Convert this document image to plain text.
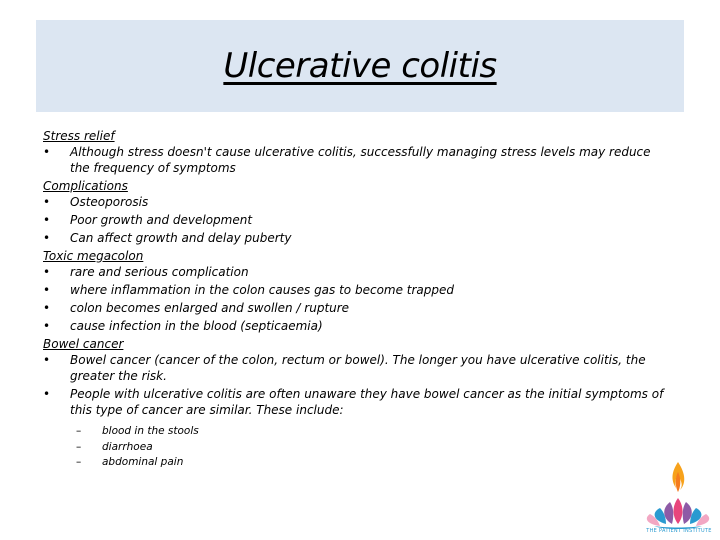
Ulcerative colitis

Stress relief

• Although stress doesn't cause ulcerative colitis, successfully managing stress levels may reduce the frequency of symptoms

Complications

• Osteoporosis
• Poor growth and development
• Can affect growth and delay puberty

Toxic megacolon

• rare and serious complication
• where inflammation in the colon causes gas to become trapped
• colon becomes enlarged and swollen / rupture
• cause infection in the blood (septicaemia)

Bowel cancer

• Bowel cancer (cancer of the colon, rectum or bowel). The longer you have ulcerative colitis, the greater the risk.
• People with ulcerative colitis are often unaware they have bowel cancer as the initial symptoms of this type of cancer are similar. These include:
– blood in the stools
– diarrhoea
– abdominal pain
THE PATIENT INSTITUTE
